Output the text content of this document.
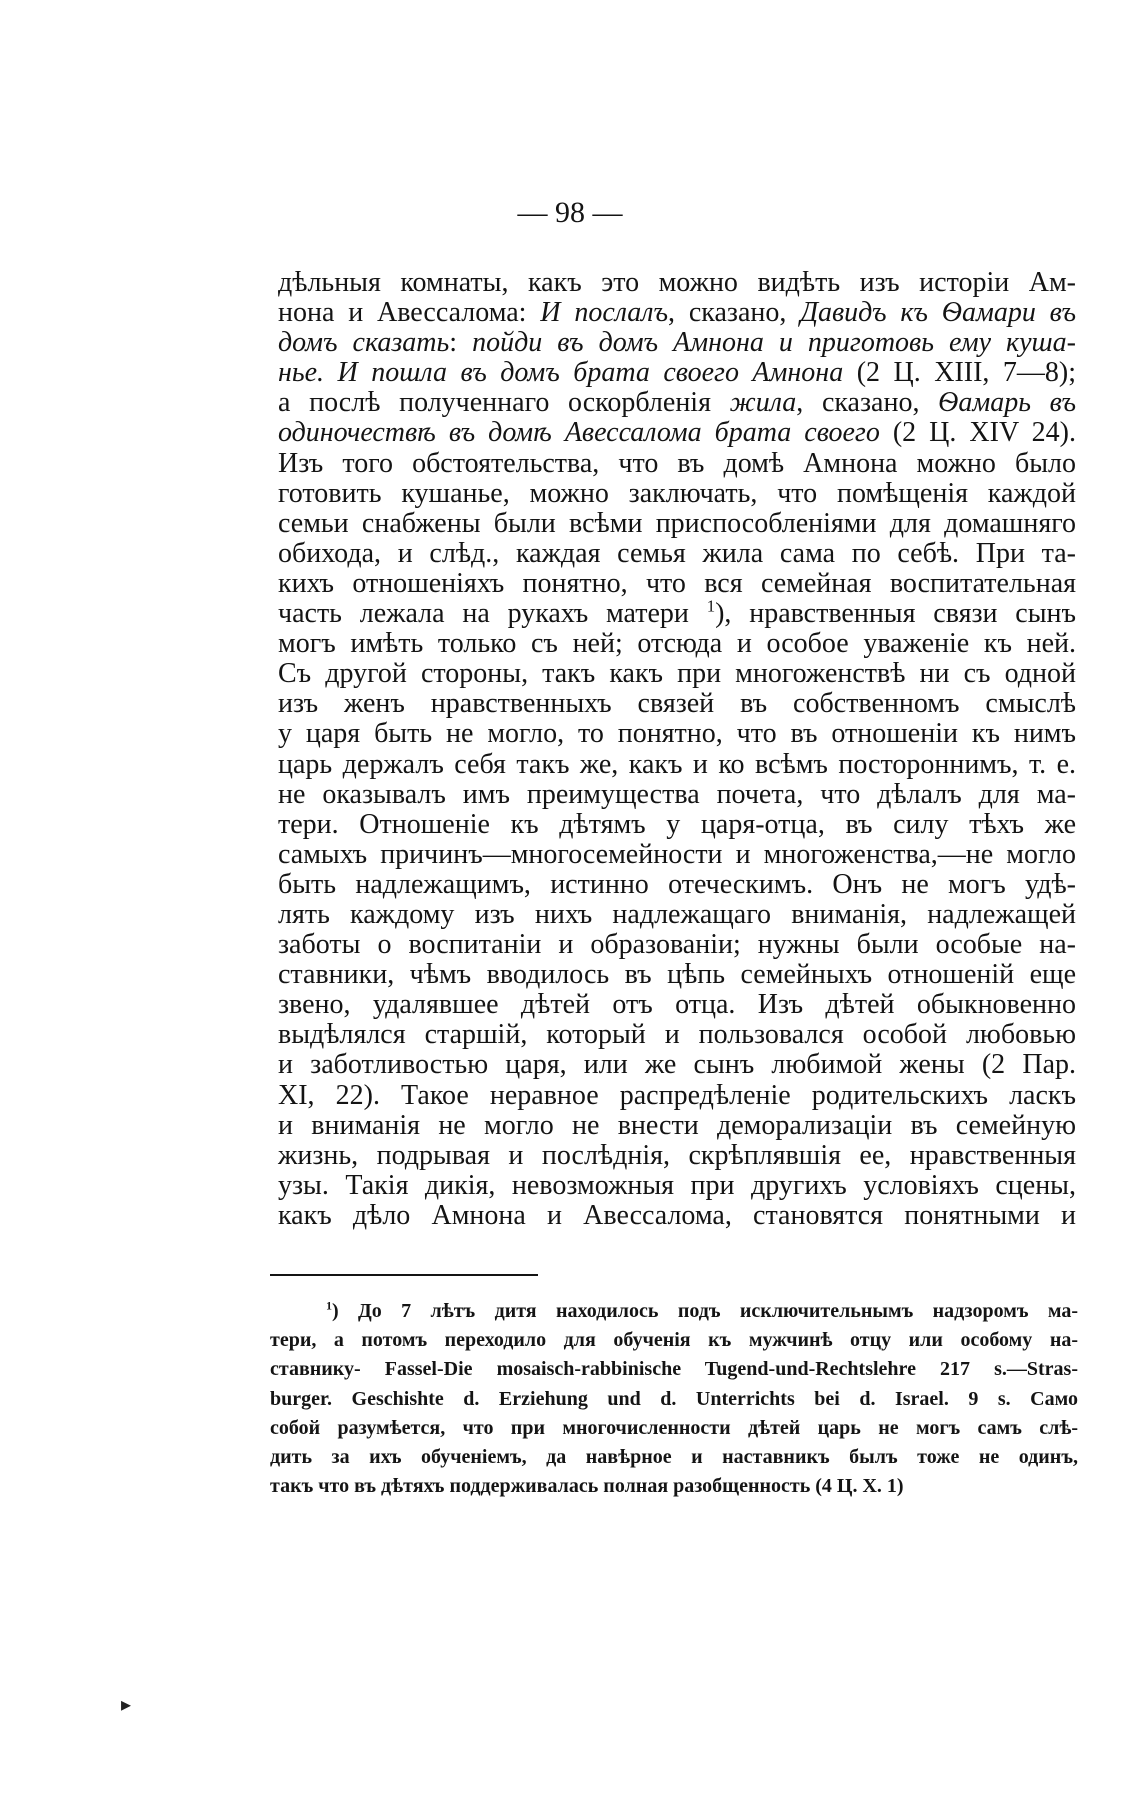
— 98 —
дѣльныя комнаты, какъ это можно видѣть изъ исторіи Ам-
нона и Авессалома: И послалъ, сказано, Давидъ къ Ѳамари въ
домъ сказать: пойди въ домъ Амнона и приготовь ему куша-
нье. И пошла въ домъ брата своего Амнона (2 Ц. XIII, 7—8);
а послѣ полученнаго оскорбленія жила, сказано, Ѳамарь въ
одиночествѣ въ домѣ Авессалома брата своего (2 Ц. XIV 24).
Изъ того обстоятельства, что въ домѣ Амнона можно было
готовить кушанье, можно заключать, что помѣщенія каждой
семьи снабжены были всѣми приспособленіями для домашняго
обихода, и слѣд., каждая семья жила сама по себѣ. При та-
кихъ отношеніяхъ понятно, что вся семейная воспитательная
часть лежала на рукахъ матери $^1$), нравственныя связи сынъ
могъ имѣть только съ ней; отсюда и особое уваженіе къ ней.
Съ другой стороны, такъ какъ при многоженствѣ ни съ одной
изъ женъ нравственныхъ связей въ собственномъ смыслѣ
у царя быть не могло, то понятно, что въ отношеніи къ нимъ
царь держалъ себя такъ же, какъ и ко всѣмъ постороннимъ, т. е.
не оказывалъ имъ преимущества почета, что дѣлалъ для ма-
тери. Отношеніе къ дѣтямъ у царя-отца, въ силу тѣхъ же
самыхъ причинъ—многосемейности и многоженства,—не могло
быть надлежащимъ, истинно отеческимъ. Онъ не могъ удѣ-
лять каждому изъ нихъ надлежащаго вниманія, надлежащей
заботы о воспитаніи и образованіи; нужны были особые на-
ставники, чѣмъ вводилось въ цѣпь семейныхъ отношеній еще
звено, удалявшее дѣтей отъ отца. Изъ дѣтей обыкновенно
выдѣлялся старшій, который и пользовался особой любовью
и заботливостью царя, или же сынъ любимой жены (2 Пар.
XI, 22). Такое неравное распредѣленіе родительскихъ ласкъ
и вниманія не могло не внести деморализаціи въ семейную
жизнь, подрывая и послѣднія, скрѣплявшія ее, нравственныя
узы. Такія дикія, невозможныя при другихъ условіяхъ сцены,
какъ дѣло Амнона и Авессалома, становятся понятными и
$^1$) До 7 лѣтъ дитя находилось подъ исключительнымъ надзоромъ ма-
тери, а потомъ переходило для обученія къ мужчинѣ отцу или особому на-
ставнику- Fassel-Die mosaisch-rabbinische Tugend-und-Rechtslehre 217 s.—Stras-
burger. Geschishte d. Erziehung und d. Unterrichts bei d. Israel. 9 s. Само
собой разумѣется, что при многочисленности дѣтей царь не могъ самъ слѣ-
дить за ихъ обученіемъ, да навѣрное и наставникъ былъ тоже не одинъ,
такъ что въ дѣтяхъ поддерживалась полная разобщенность (4 Ц. X. 1)
▸
